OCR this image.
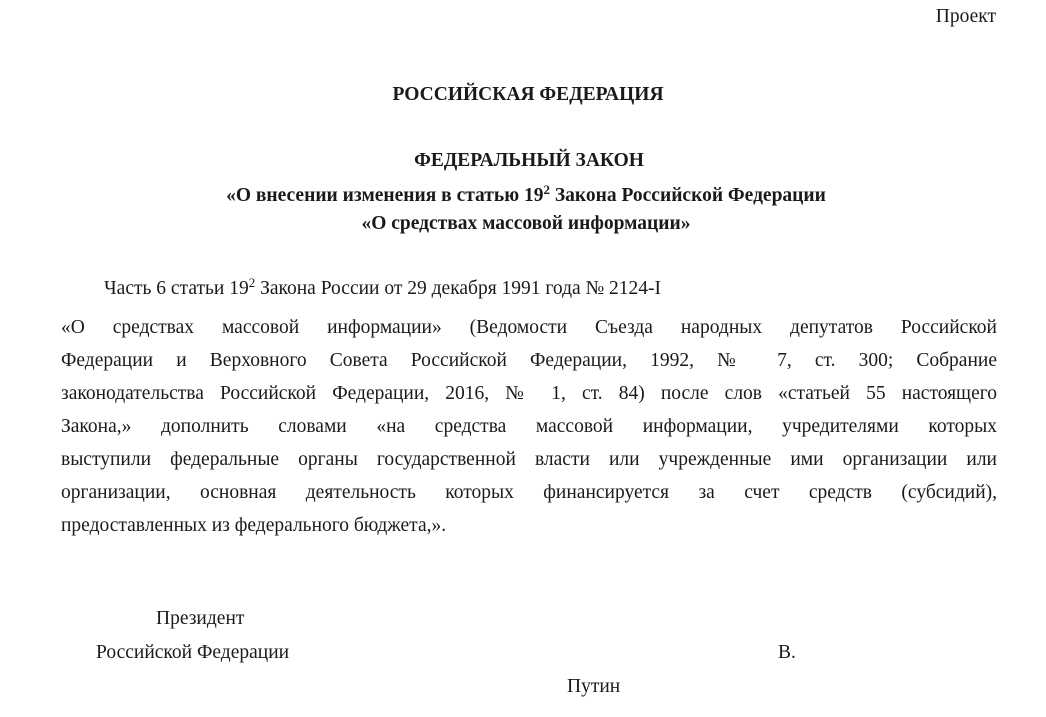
Проект
РОССИЙСКАЯ ФЕДЕРАЦИЯ
ФЕДЕРАЛЬНЫЙ ЗАКОН
«О внесении изменения в статью $19^2$ Закона Российской Федерации
«О средствах массовой информации»
Часть 6 статьи $19^2$ Закона России от 29 декабря 1991 года № 2124-I
«О средствах массовой информации» (Ведомости Съезда народных депутатов Российской
Федерации и Верховного Совета Российской Федерации, 1992, № 7, ст. 300; Собрание
законодательства Российской Федерации, 2016, № 1, ст. 84) после слов «статьей 55 настоящего
Закона,» дополнить словами «на средства массовой информации, учредителями которых
выступили федеральные органы государственной власти или учрежденные ими организации или
организации, основная деятельность которых финансируется за счет средств (субсидий),
предоставленных из федерального бюджета,».
Президент
Российской Федерации	В.
Путин
